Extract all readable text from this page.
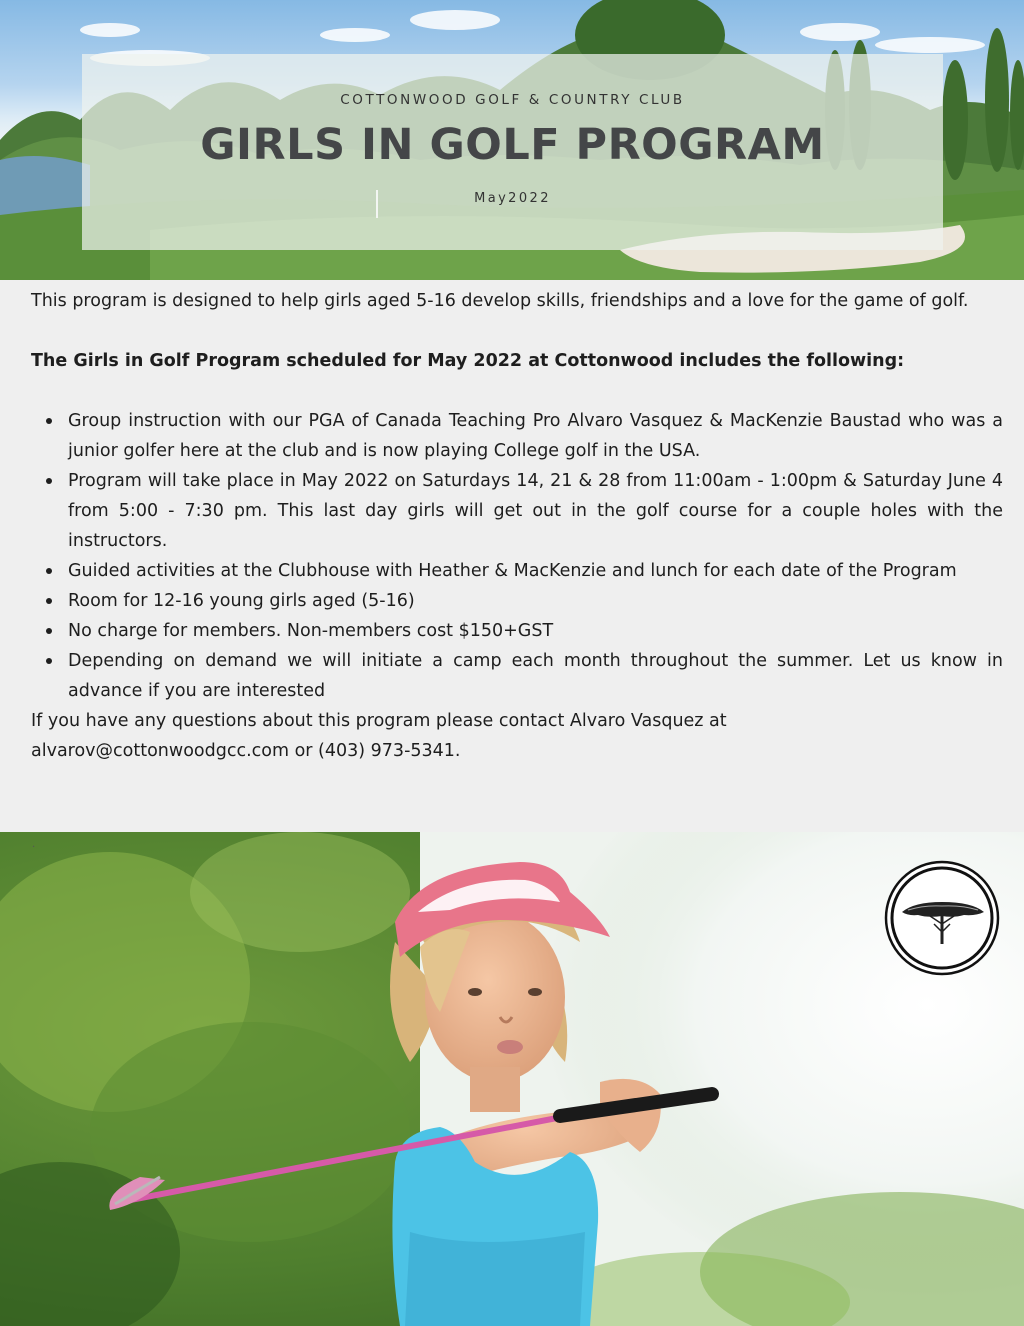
COTTONWOOD GOLF & COUNTRY CLUB
GIRLS IN GOLF PROGRAM
May2022

This program is designed to help girls aged 5-16 develop skills, friendships and a love for the game of golf.

The Girls in Golf Program scheduled for May 2022 at Cottonwood includes the following:

Group instruction with our PGA of Canada Teaching Pro Alvaro Vasquez & MacKenzie Baustad who was a junior golfer here at the club and is now playing College golf in the USA.
Program will take place in May 2022 on Saturdays 14, 21 & 28 from 11:00am - 1:00pm & Saturday June 4 from 5:00 - 7:30 pm. This last day girls will get out in the golf course for a couple holes with the instructors.
Guided activities at the Clubhouse with Heather & MacKenzie and lunch for each date of the Program
Room for 12-16 young girls aged (5-16)
No charge for members. Non-members cost $150+GST
Depending on demand we will initiate a camp each month throughout the summer. Let us know in advance if you are interested

If you have any questions about this program please contact Alvaro Vasquez at alvarov@cottonwoodgcc.com or (403) 973-5341.

.
